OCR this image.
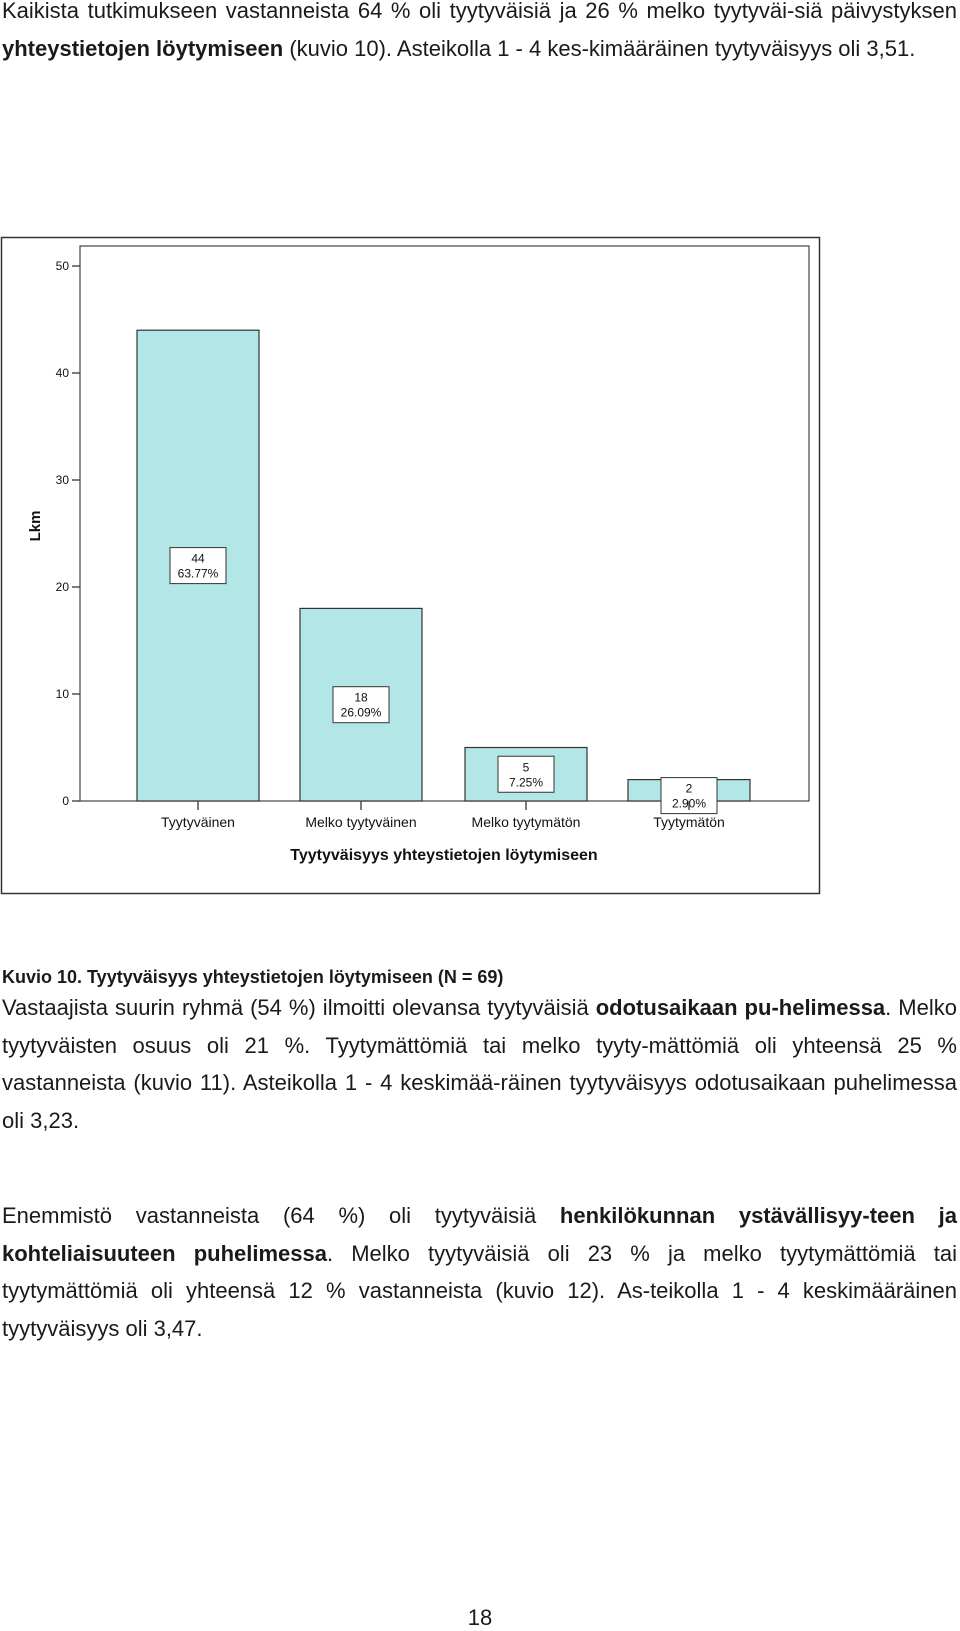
Kaikista tutkimukseen vastanneista 64 % oli tyytyväisiä ja 26 % melko tyytyväi-siä päivystyksen yhteystietojen löytymiseen (kuvio 10). Asteikolla 1 - 4 kes-kimääräinen tyytyväisyys oli 3,51.

0
10
20
30
40
50
44
63.77%
18
26.09%
5
7.25%	2
2.90%
Tyytyväinen	Melko tyytyväinen	Melko tyytymätön	Tyytymätön
Lkm
Tyytyväisyys yhteystietojen löytymiseen

Kuvio 10. Tyytyväisyys yhteystietojen löytymiseen (N = 69)

Vastaajista suurin ryhmä (54 %) ilmoitti olevansa tyytyväisiä odotusaikaan pu-helimessa. Melko tyytyväisten osuus oli 21 %. Tyytymättömiä tai melko tyyty-mättömiä oli yhteensä 25 % vastanneista (kuvio 11). Asteikolla 1 - 4 keskimää-räinen tyytyväisyys odotusaikaan puhelimessa oli 3,23.

Enemmistö vastanneista (64 %) oli tyytyväisiä henkilökunnan ystävällisyy-teen ja kohteliaisuuteen puhelimessa. Melko tyytyväisiä oli 23 % ja melko tyytymättömiä tai tyytymättömiä oli yhteensä 12 % vastanneista (kuvio 12). As-teikolla 1 - 4 keskimääräinen tyytyväisyys oli 3,47.

18
